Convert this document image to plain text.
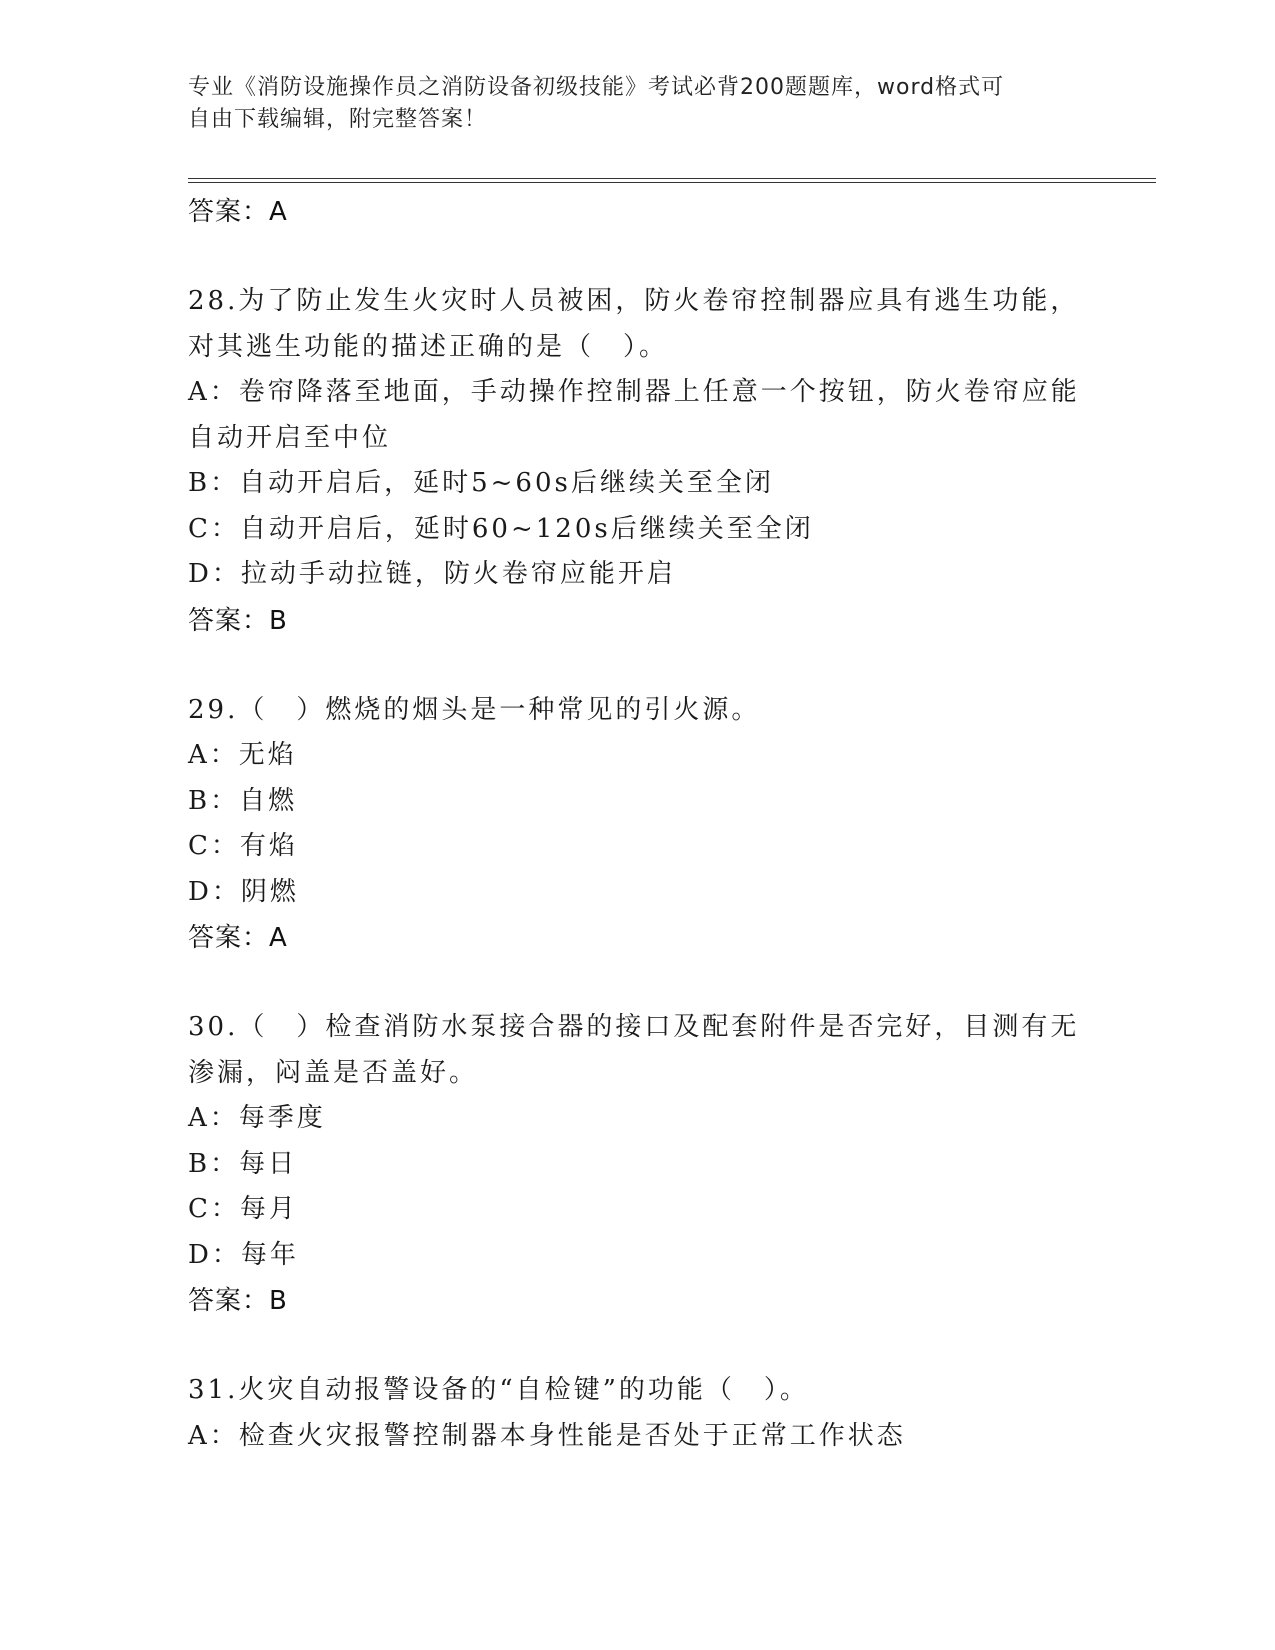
专业《消防设施操作员之消防设备初级技能》考试必背200题题库，word格式可
自由下载编辑，附完整答案！
答案：A
28.为了防止发生火灾时人员被困，防火卷帘控制器应具有逃生功能，
对其逃生功能的描述正确的是（　）。
A：卷帘降落至地面，手动操作控制器上任意一个按钮，防火卷帘应能
自动开启至中位
B：自动开启后，延时5~60s后继续关至全闭
C：自动开启后，延时60~120s后继续关至全闭
D：拉动手动拉链，防火卷帘应能开启
答案：B
29.（　）燃烧的烟头是一种常见的引火源。
A：无焰
B：自燃
C：有焰
D：阴燃
答案：A
30.（　）检查消防水泵接合器的接口及配套附件是否完好，目测有无
渗漏，闷盖是否盖好。
A：每季度
B：每日
C：每月
D：每年
答案：B
31.火灾自动报警设备的“自检键”的功能（　）。
A：检查火灾报警控制器本身性能是否处于正常工作状态
